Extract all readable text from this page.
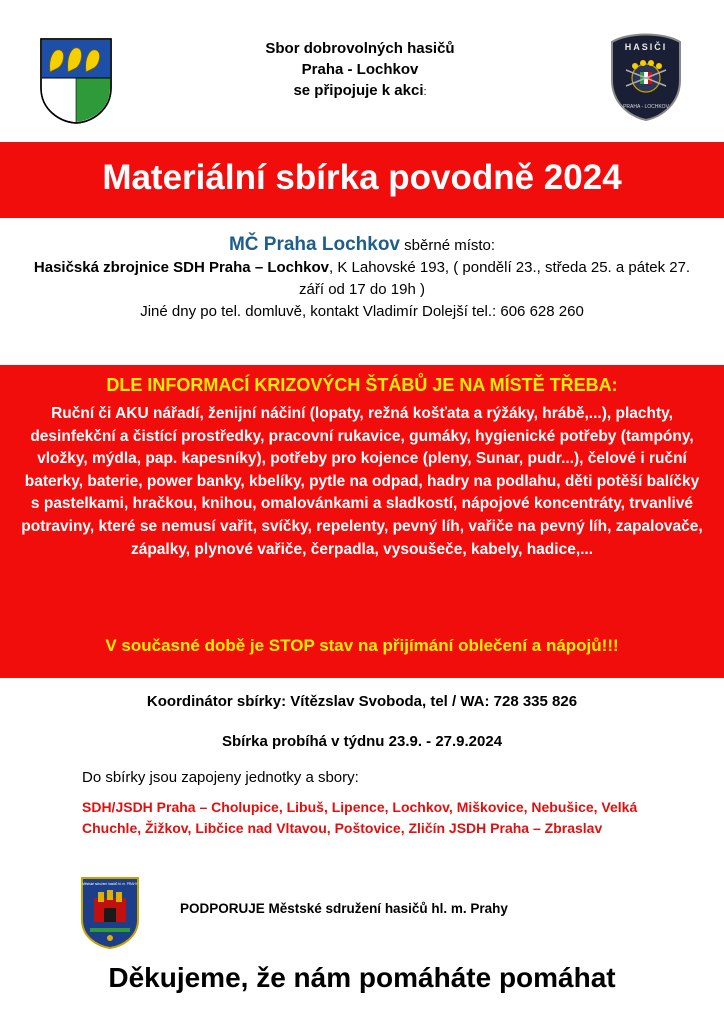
Sbor dobrovolných hasičů
Praha - Lochkov
se připojuje k akci:
HASIČI
PRAHA - LOCHKOV
Materiální sbírka povodně 2024
MČ Praha Lochkov sběrné místo:
Hasičská zbrojnice SDH Praha – Lochkov, K Lahovské 193, ( pondělí 23., středa 25. a pátek 27. září od 17 do 19h )
Jiné dny po tel. domluvě, kontakt Vladimír Dolejší tel.: 606 628 260
DLE INFORMACÍ KRIZOVÝCH ŠTÁBŮ JE NA MÍSTĚ TŘEBA:
Ruční či AKU nářadí, ženijní náčiní (lopaty, režná košťata a rýžáky, hrábě,...), plachty, desinfekční a čistící prostředky, pracovní rukavice, gumáky, hygienické potřeby (tampóny, vložky, mýdla, pap. kapesníky), potřeby pro kojence (pleny, Sunar, pudr...), čelové i ruční baterky, baterie, power banky, kbelíky, pytle na odpad, hadry na podlahu, děti potěší balíčky s pastelkami, hračkou, knihou, omalovánkami a sladkostí, nápojové koncentráty, trvanlivé potraviny, které se nemusí vařit, svíčky, repelenty, pevný líh, vařiče na pevný líh, zapalovače, zápalky, plynové vařiče, čerpadla, vysoušeče, kabely, hadice,...
V současné době je STOP stav na přijímání oblečení a nápojů!!!
Koordinátor sbírky: Vítězslav Svoboda, tel / WA: 728 335 826
Sbírka probíhá v týdnu 23.9. - 27.9.2024
Do sbírky jsou zapojeny jednotky a sbory:
SDH/JSDH Praha – Cholupice, Libuš, Lipence, Lochkov, Miškovice, Nebušice, Velká Chuchle, Žižkov, Libčice nad Vltavou, Poštovice, Zličín JSDH Praha – Zbraslav
Městské sdružení hasičů hl. m. PRAHY
PODPORUJE Městské sdružení hasičů hl. m. Prahy
Děkujeme, že nám pomáháte pomáhat
